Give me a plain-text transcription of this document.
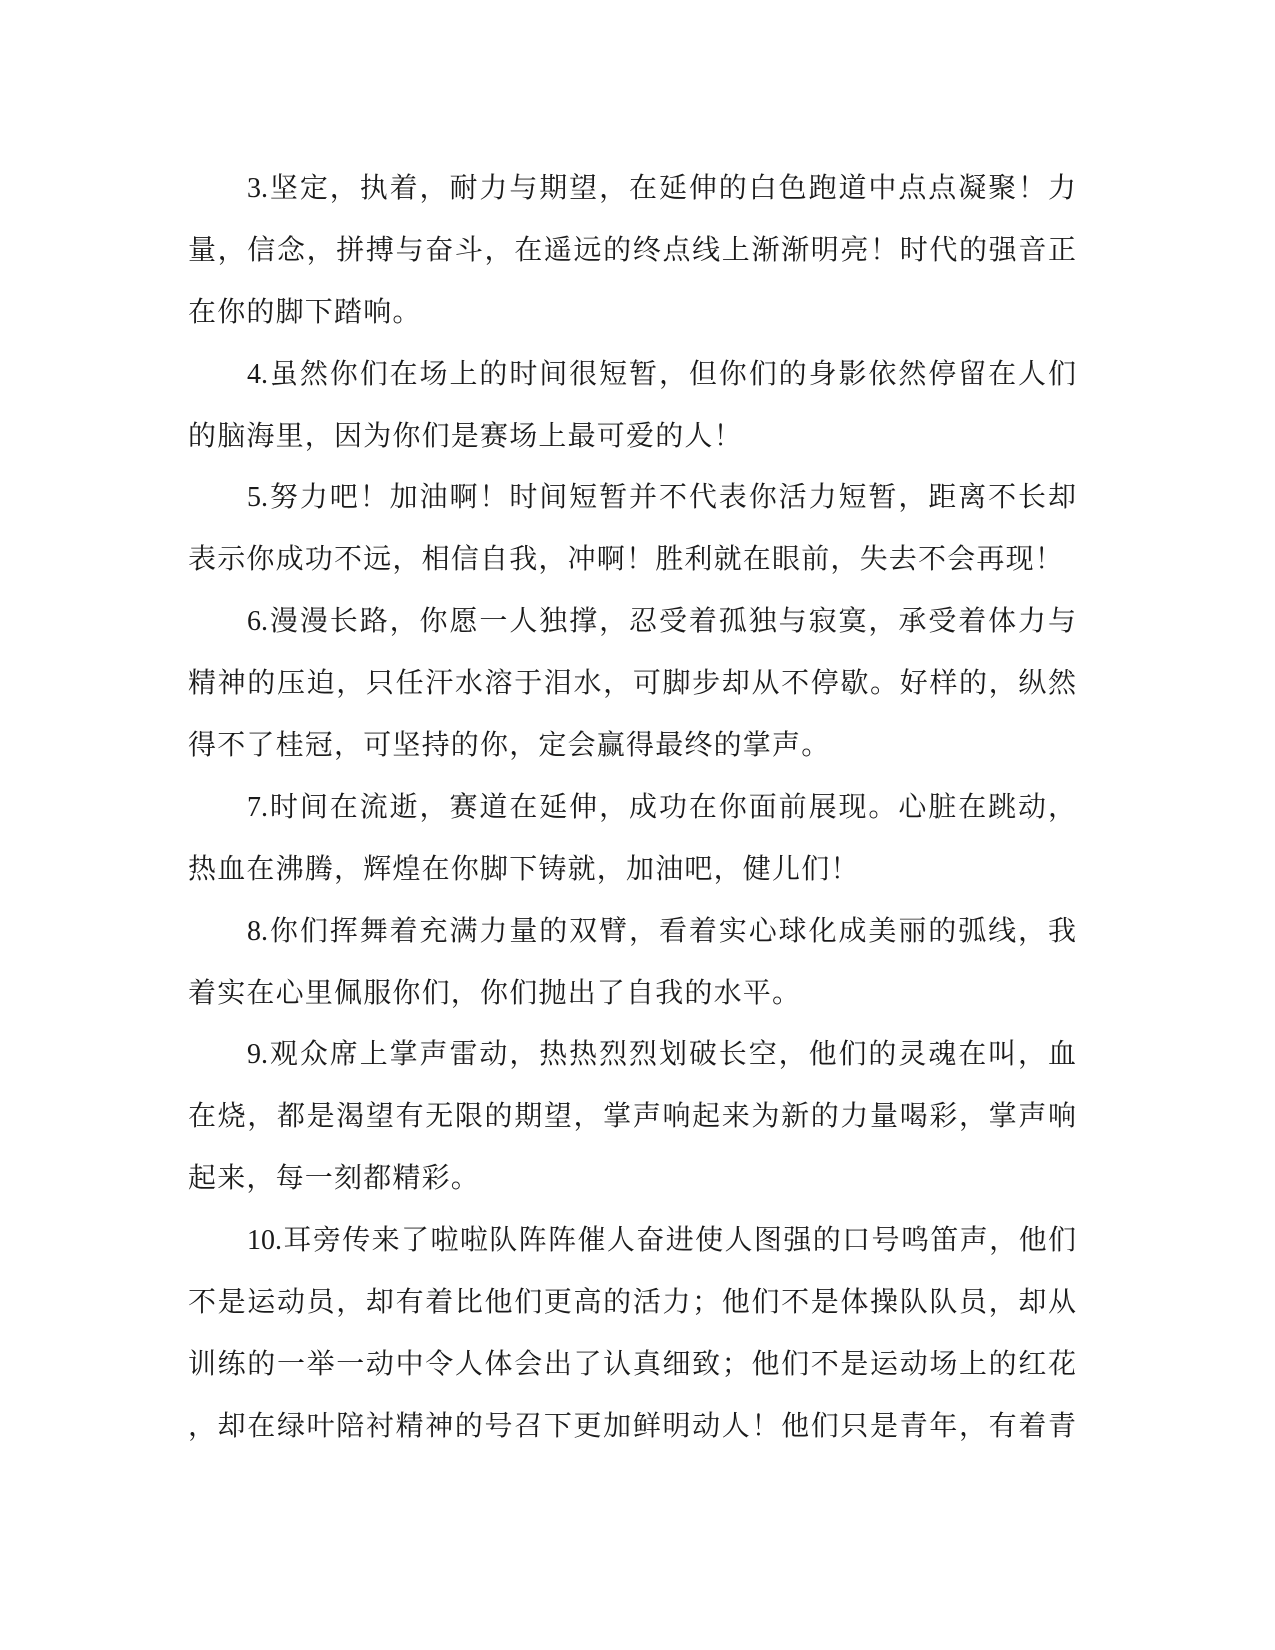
3.坚定，执着，耐力与期望，在延伸的白色跑道中点点凝聚！力
量，信念，拼搏与奋斗，在遥远的终点线上渐渐明亮！时代的强音正
在你的脚下踏响。
4.虽然你们在场上的时间很短暂，但你们的身影依然停留在人们
的脑海里，因为你们是赛场上最可爱的人！
5.努力吧！加油啊！时间短暂并不代表你活力短暂，距离不长却
表示你成功不远，相信自我，冲啊！胜利就在眼前，失去不会再现！
6.漫漫长路，你愿一人独撑，忍受着孤独与寂寞，承受着体力与
精神的压迫，只任汗水溶于泪水，可脚步却从不停歇。好样的，纵然
得不了桂冠，可坚持的你，定会赢得最终的掌声。
7.时间在流逝，赛道在延伸，成功在你面前展现。心脏在跳动，
热血在沸腾，辉煌在你脚下铸就，加油吧，健儿们！
8.你们挥舞着充满力量的双臂，看着实心球化成美丽的弧线，我
着实在心里佩服你们，你们抛出了自我的水平。
9.观众席上掌声雷动，热热烈烈划破长空，他们的灵魂在叫，血
在烧，都是渴望有无限的期望，掌声响起来为新的力量喝彩，掌声响
起来，每一刻都精彩。
10.耳旁传来了啦啦队阵阵催人奋进使人图强的口号鸣笛声，他们
不是运动员，却有着比他们更高的活力；他们不是体操队队员，却从
训练的一举一动中令人体会出了认真细致；他们不是运动场上的红花
，却在绿叶陪衬精神的号召下更加鲜明动人！他们只是青年，有着青
